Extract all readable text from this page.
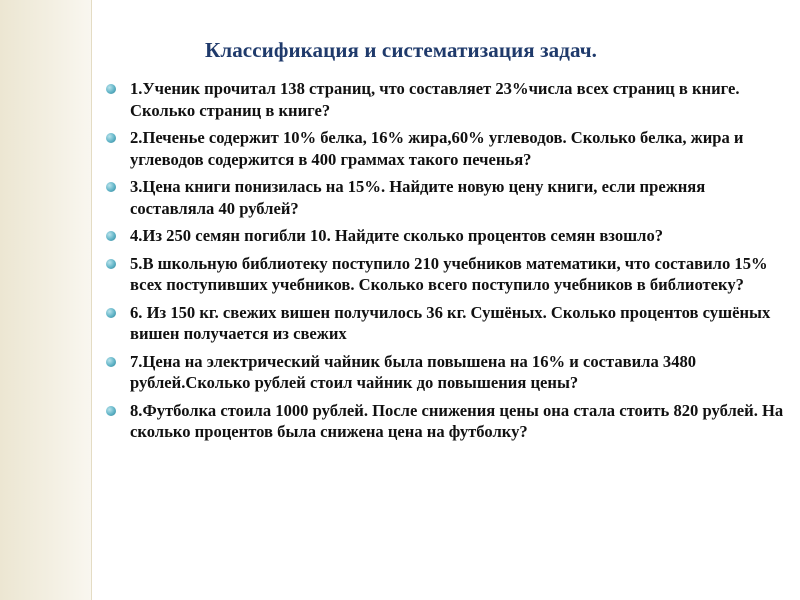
Классификация и систематизация задач.
1.Ученик прочитал 138 страниц, что составляет 23%числа всех страниц в книге. Сколько страниц в книге?
2.Печенье содержит 10% белка, 16% жира,60% углеводов. Сколько белка, жира и углеводов содержится в 400 граммах такого печенья?
3.Цена книги понизилась на 15%. Найдите новую цену книги, если прежняя составляла 40 рублей?
4.Из 250 семян погибли 10. Найдите сколько процентов семян взошло?
5.В школьную библиотеку поступило 210 учебников математики, что составило 15% всех поступивших учебников. Сколько всего поступило учебников в библиотеку?
6. Из 150 кг. свежих вишен получилось 36 кг. Сушёных. Сколько процентов сушёных вишен получается из свежих
7.Цена на электрический чайник была повышена на 16% и составила 3480 рублей.Сколько рублей стоил чайник до повышения цены?
8.Футболка стоила 1000 рублей. После снижения цены она стала стоить 820 рублей. На сколько процентов была снижена цена на футболку?
